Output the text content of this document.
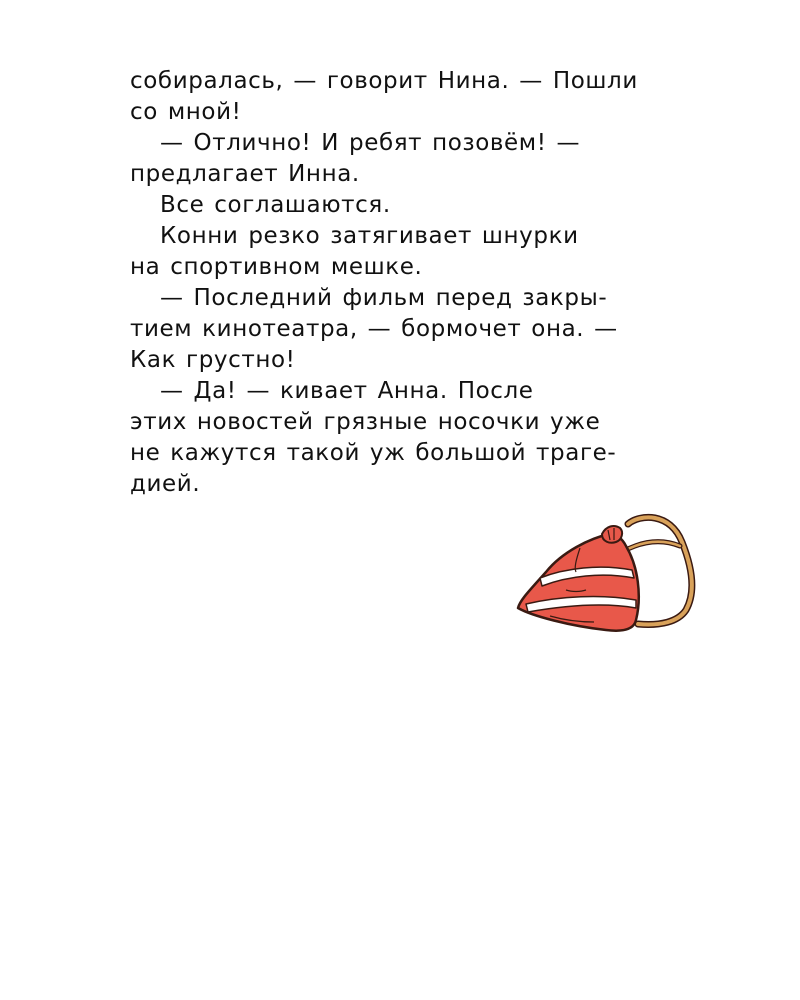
собиралась, — говорит Нина. — Пошли
со мной!
— Отлично! И ребят позовём! —
предлагает Инна.
Все соглашаются.
Конни резко затягивает шнурки
на спортивном мешке.
— Последний фильм перед закры-
тием кинотеатра, — бормочет она. —
Как грустно!
— Да! — кивает Анна. После
этих новостей грязные носочки уже
не кажутся такой уж большой траге-
дией.
